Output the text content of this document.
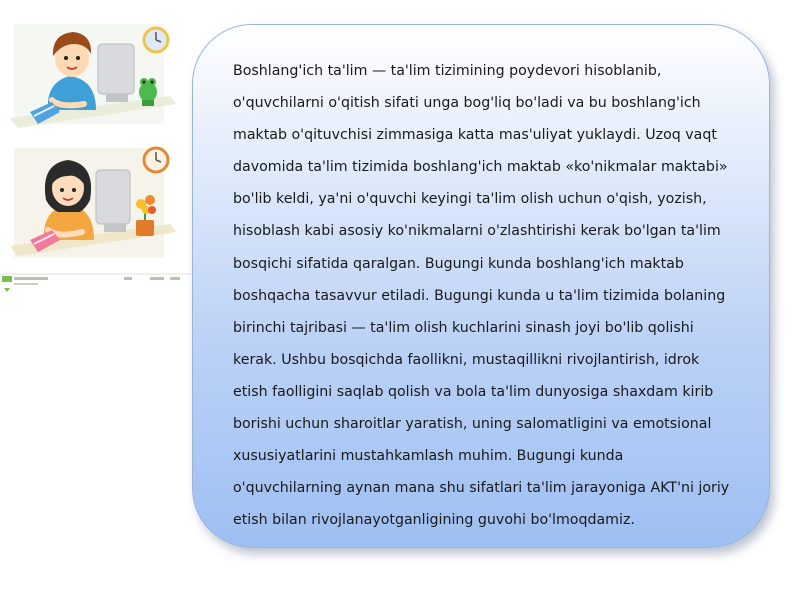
Boshlang'ich ta'lim — ta'lim tizimining poydevori hisoblanib, o'quvchilarni o'qitish sifati unga bog'liq bo'ladi va bu boshlang'ich maktab o'qituvchisi zimmasiga katta mas'uliyat yuklaydi. Uzoq vaqt davomida ta'lim tizimida boshlang'ich maktab «ko'nikmalar maktabi» bo'lib keldi, ya'ni o'quvchi keyingi ta'lim olish uchun o'qish, yozish, hisoblash kabi asosiy ko'nikmalarni o'zlashtirishi kerak bo'lgan ta'lim bosqichi sifatida qaralgan. Bugungi kunda boshlang'ich maktab boshqacha tasavvur etiladi. Bugungi kunda u ta'lim tizimida bolaning birinchi tajribasi — ta'lim olish kuchlarini sinash joyi bo'lib qolishi kerak. Ushbu bosqichda faollikni, mustaqillikni rivojlantirish, idrok etish faolligini saqlab qolish va bola ta'lim dunyosiga shaxdam kirib borishi uchun sharoitlar yaratish, uning salomatligini va emotsional xususiyatlarini mustahkamlash muhim. Bugungi kunda o'quvchilarning aynan mana shu sifatlari ta'lim jarayoniga AKT'ni joriy etish bilan rivojlanayotganligining guvohi bo'lmoqdamiz.
